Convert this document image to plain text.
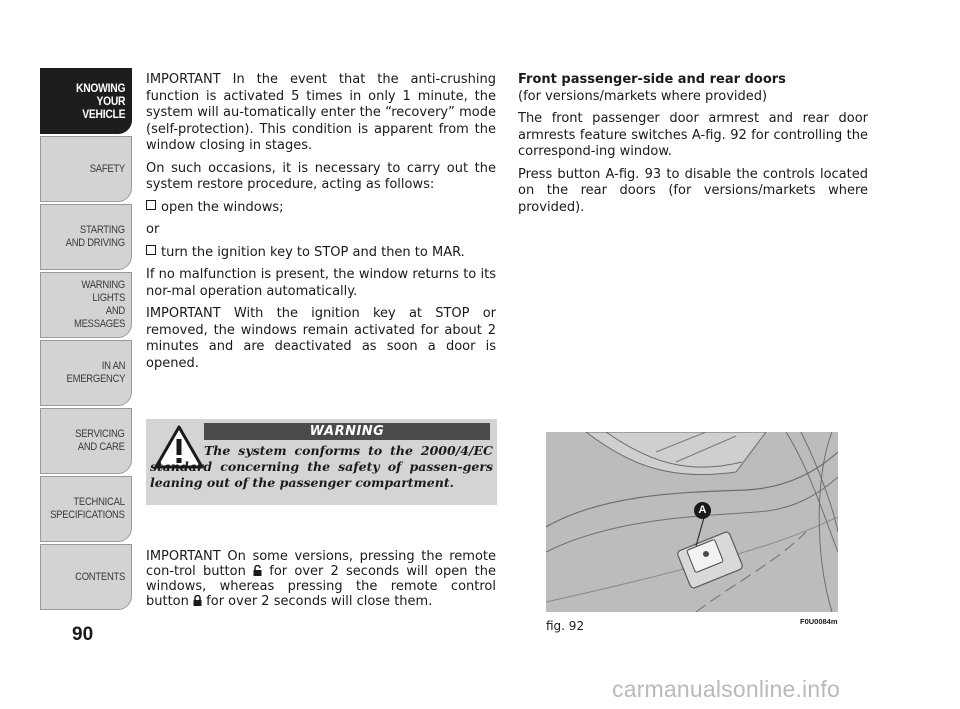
KNOWING
YOUR
VEHICLE
SAFETY
STARTING
AND DRIVING
WARNING LIGHTS
AND MESSAGES
IN AN
EMERGENCY
SERVICING
AND CARE
TECHNICAL
SPECIFICATIONS
CONTENTS
90

IMPORTANT In the event that the anti-crushing function is activated 5 times in only 1 minute, the system will au-tomatically enter the “recovery” mode (self-protection). This condition is apparent from the window closing in stages.

On such occasions, it is necessary to carry out the system restore procedure, acting as follows:

open the windows;

or

turn the ignition key to STOP and then to MAR.

If no malfunction is present, the window returns to its nor-mal operation automatically.

IMPORTANT With the ignition key at STOP or removed, the windows remain activated for about 2 minutes and are deactivated as soon a door is opened.

WARNING
The system conforms to the 2000/4/EC standard concerning the safety of passen-gers leaning out of the passenger compartment.
IMPORTANT On some versions, pressing the remote con-trol button for over 2 seconds will open the windows, whereas pressing the remote control button for over 2 seconds will close them.
Front passenger-side and rear doors

(for versions/markets where provided)

The front passenger door armrest and rear door armrests feature switches A-fig. 92 for controlling the correspond-ing window.

Press button A-fig. 93 to disable the controls located on the rear doors (for versions/markets where provided).

A
fig. 92	F0U0084m
carmanualsonline.info
